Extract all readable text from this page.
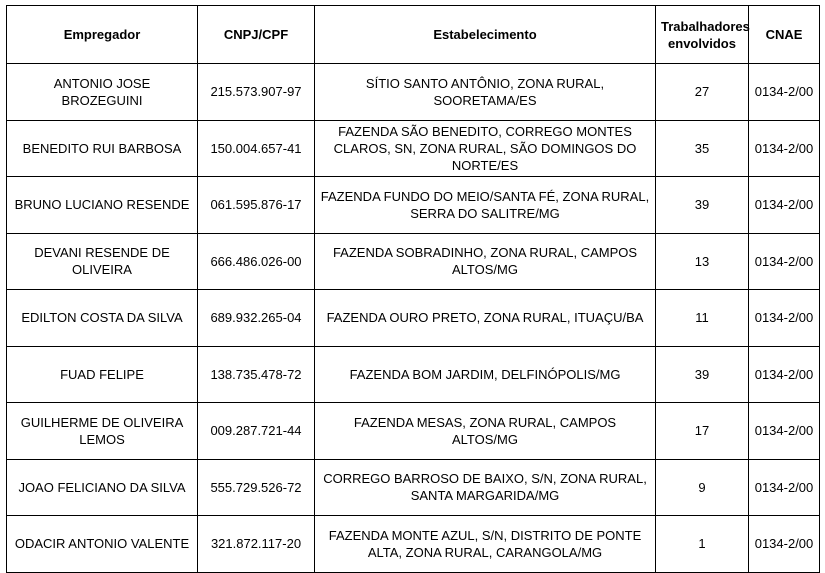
Empregador	CNPJ/CPF	Estabelecimento	Trabalhadores envolvidos	CNAE
ANTONIO JOSE BROZEGUINI	215.573.907-97	SÍTIO SANTO ANTÔNIO, ZONA RURAL, SOORETAMA/ES	27	0134-2/00
BENEDITO RUI BARBOSA	150.004.657-41	FAZENDA SÃO BENEDITO, CORREGO MONTES CLAROS, SN, ZONA RURAL, SÃO DOMINGOS DO NORTE/ES	35	0134-2/00
BRUNO LUCIANO RESENDE	061.595.876-17	FAZENDA FUNDO DO MEIO/SANTA FÉ, ZONA RURAL, SERRA DO SALITRE/MG	39	0134-2/00
DEVANI RESENDE DE OLIVEIRA	666.486.026-00	FAZENDA SOBRADINHO, ZONA RURAL, CAMPOS ALTOS/MG	13	0134-2/00
EDILTON COSTA DA SILVA	689.932.265-04	FAZENDA OURO PRETO, ZONA RURAL, ITUAÇU/BA	11	0134-2/00
FUAD FELIPE	138.735.478-72	FAZENDA BOM JARDIM, DELFINÓPOLIS/MG	39	0134-2/00
GUILHERME DE OLIVEIRA LEMOS	009.287.721-44	FAZENDA MESAS, ZONA RURAL, CAMPOS ALTOS/MG	17	0134-2/00
JOAO FELICIANO DA SILVA	555.729.526-72	CORREGO BARROSO DE BAIXO, S/N, ZONA RURAL, SANTA MARGARIDA/MG	9	0134-2/00
ODACIR ANTONIO VALENTE	321.872.117-20	FAZENDA MONTE AZUL, S/N, DISTRITO DE PONTE ALTA, ZONA RURAL, CARANGOLA/MG	1	0134-2/00
